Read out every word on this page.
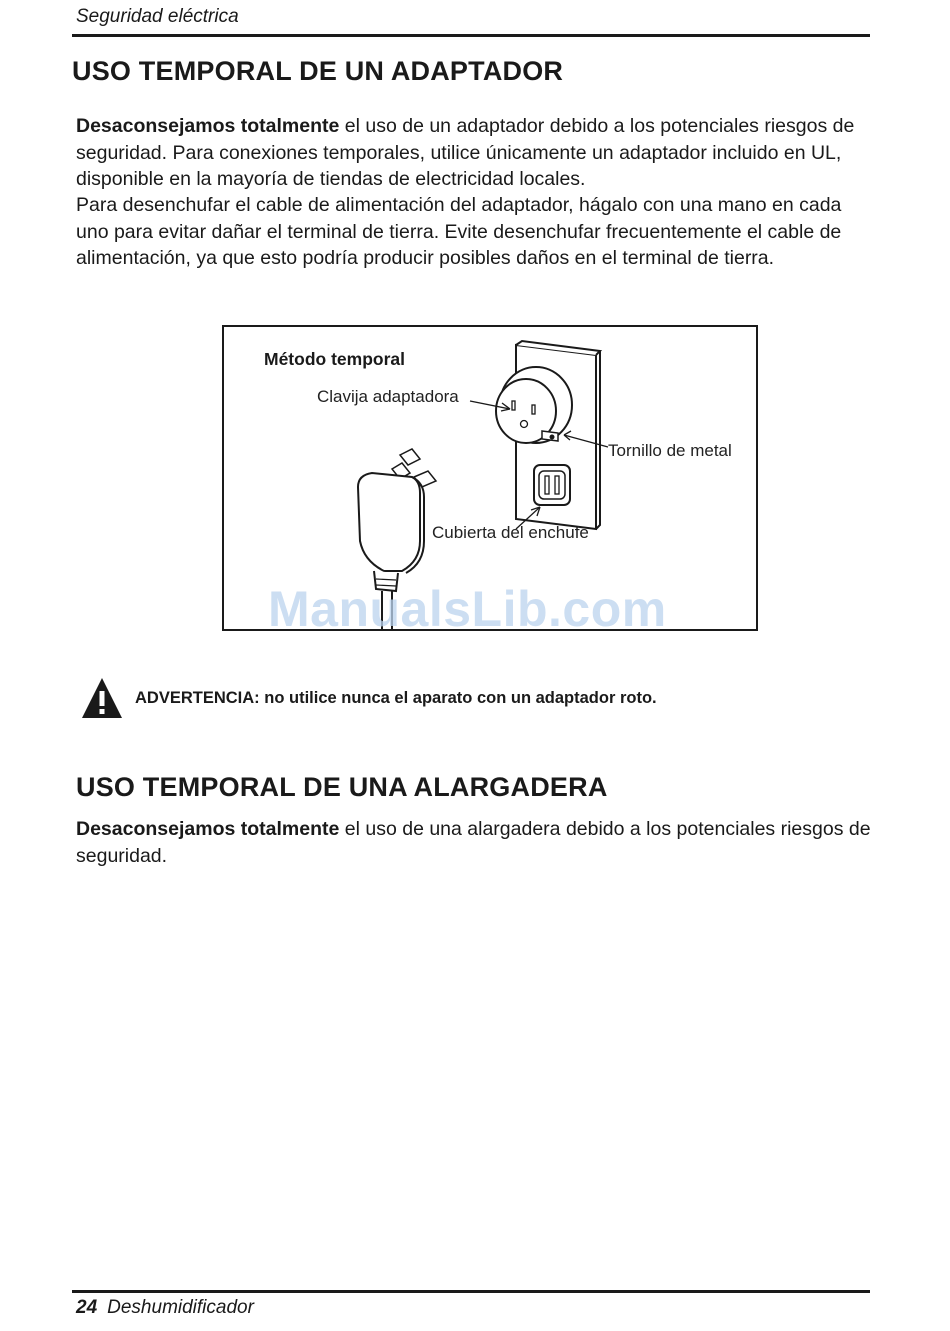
Seguridad eléctrica
USO TEMPORAL DE UN ADAPTADOR

Desaconsejamos totalmente el uso de un adaptador debido a los potenciales riesgos de seguridad. Para conexiones temporales, utilice únicamente un adaptador incluido en UL, disponible en la mayoría de tiendas de electricidad locales.

Para desenchufar el cable de alimentación del adaptador, hágalo con una mano en cada uno para evitar dañar el terminal de tierra. Evite desenchufar frecuentemente el cable de alimentación, ya que esto podría producir posibles daños en el terminal de tierra.

Método temporal
Clavija adaptadora
Tornillo de metal
Cubierta del enchufe
ManualsLib.com
ADVERTENCIA: no utilice nunca el aparato con un adaptador roto.
USO TEMPORAL DE UNA ALARGADERA

Desaconsejamos totalmente el uso de una alargadera debido a los potenciales riesgos de seguridad.

24 Deshumidificador
